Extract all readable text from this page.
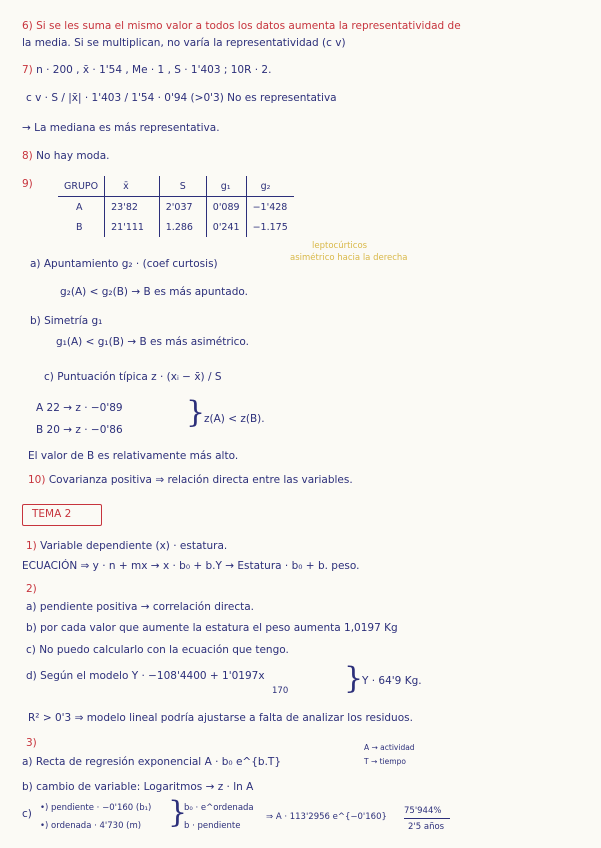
6) Si se les suma el mismo valor a todos los datos aumenta la representatividad de
la media. Si se multiplican, no varía la representatividad (c v)
7) n · 200 , x̄ · 1'54 , Me · 1 , S · 1'403 ; 10R · 2.
c v · S / |x̄| · 1'403 / 1'54 · 0'94 (>0'3) No es representativa
→ La mediana es más representativa.
8) No hay moda.
9)	GRUPO	x̄	S	g₁	g₂
A	23'82	2'037	0'089	−1'428
B	21'111	1.286	0'241	−1.175
leptocúrticos
asimétrico hacia la derecha
a) Apuntamiento g₂ · (coef curtosis)
g₂(A) < g₂(B) → B es más apuntado.
b) Simetría g₁
g₁(A) < g₁(B) → B es más asimétrico.
c) Puntuación típica z · (xᵢ − x̄) / S
A 22 → z · −0'89
B 20 → z · −0'86 }
z(A) < z(B).
El valor de B es relativamente más alto.
10) Covarianza positiva ⇒ relación directa entre las variables.
TEMA 2
1) Variable dependiente (x) · estatura.
ECUACIÓN ⇒ y · n + mx → x · b₀ + b.Y → Estatura · b₀ + b. peso.
2)
a) pendiente positiva → correlación directa.
b) por cada valor que aumente la estatura el peso aumenta 1,0197 Kg
c) No puedo calcularlo con la ecuación que tengo.
d) Según el modelo Y · −108'4400 + 1'0197x
170 }
Y · 64'9 Kg.
R² > 0'3 ⇒ modelo lineal podría ajustarse a falta de analizar los residuos.
3)
a) Recta de regresión exponencial A · b₀ e^{b.T}
A → actividad
T → tiempo
b) cambio de variable: Logaritmos → z · ln A
c) •) pendiente · −0'160 (b₁)
•) ordenada · 4'730 (m) }
b₀ · e^ordenada
b · pendiente
⇒ A · 113'2956 e^{−0'160}
75'944%
2'5 años
